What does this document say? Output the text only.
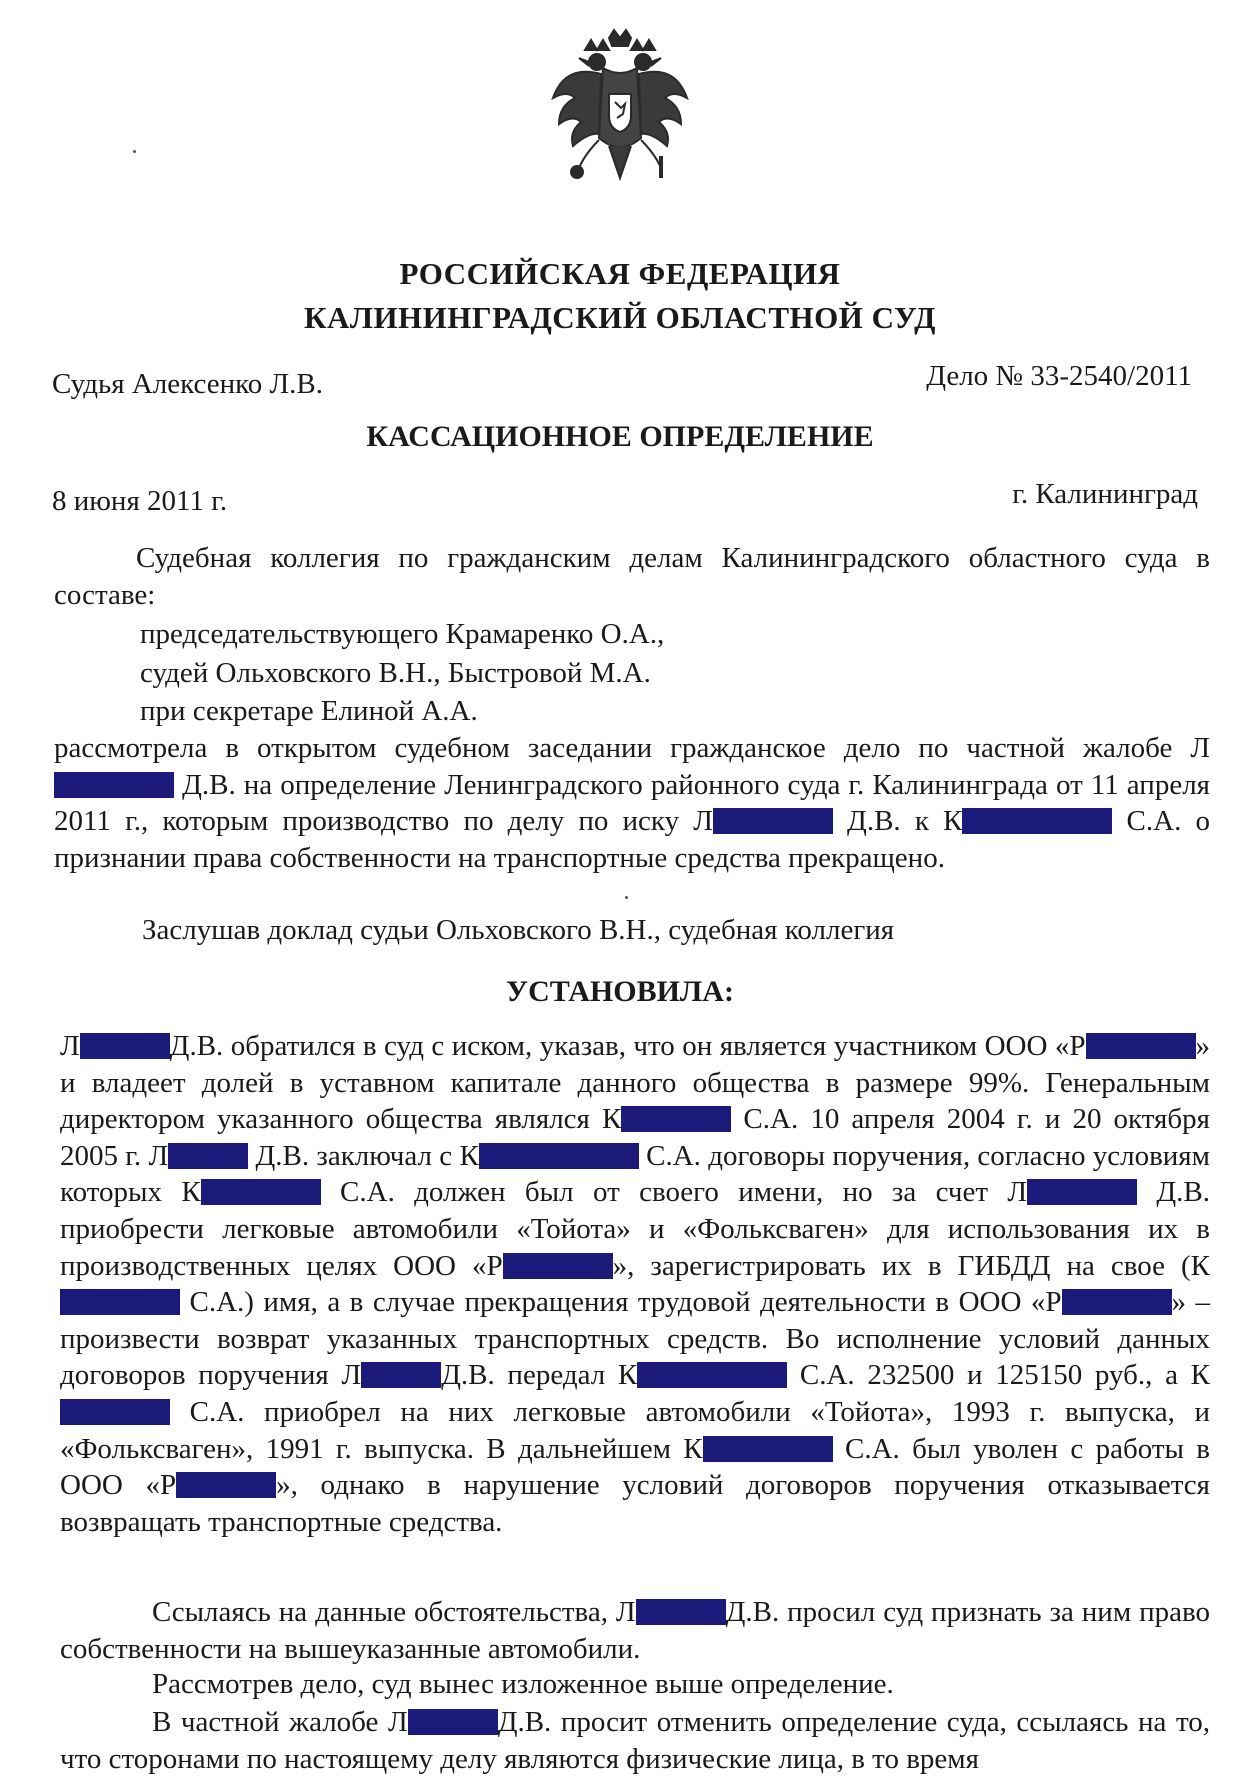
РОССИЙСКАЯ ФЕДЕРАЦИЯ
КАЛИНИНГРАДСКИЙ ОБЛАСТНОЙ СУД
Судья Алексенко Л.В.	Дело № 33-2540/2011
КАССАЦИОННОЕ ОПРЕДЕЛЕНИЕ
8 июня 2011 г.	г. Калининград
Судебная коллегия по гражданским делам Калининградского областного суда в составе:
председательствующего Крамаренко О.А.,
судей Ольховского В.Н., Быстровой М.А.
при секретаре Елиной А.А.
рассмотрела в открытом судебном заседании гражданское дело по частной жалобе Л Д.В. на определение Ленинградского районного суда г. Калининграда от 11 апреля 2011 г., которым производство по делу по иску Л	Д.В. к К	С.А. о признании права собственности на транспортные средства прекращено.
Заслушав доклад судьи Ольховского В.Н., судебная коллегия
УСТАНОВИЛА:
Л	Д.В. обратился в суд с иском, указав, что он является участником ООО «Р	» и владеет долей в уставном капитале данного общества в размере 99%. Генеральным директором указанного общества являлся К	С.А. 10 апреля 2004 г. и 20 октября 2005 г. Л	Д.В. заключал с К	С.А. договоры поручения, согласно условиям которых К	С.А. должен был от своего имени, но за счет Л	Д.В. приобрести легковые автомобили «Тойота» и «Фольксваген» для использования их в производственных целях ООО «Р	», зарегистрировать их в ГИБДД на свое (К С.А.) имя, а в случае прекращения трудовой деятельности в ООО «Р	» – произвести возврат указанных транспортных средств. Во исполнение условий данных договоров поручения Л	Д.В. передал К	С.А. 232500 и 125150 руб., а К С.А. приобрел на них легковые автомобили «Тойота», 1993 г. выпуска, и «Фольксваген», 1991 г. выпуска. В дальнейшем К	С.А. был уволен с работы в ООО «Р	», однако в нарушение условий договоров поручения отказывается возвращать транспортные средства.
Ссылаясь на данные обстоятельства, Л	Д.В. просил суд признать за ним право собственности на вышеуказанные автомобили.
Рассмотрев дело, суд вынес изложенное выше определение.
В частной жалобе Л	Д.В. просит отменить определение суда, ссылаясь на то, что сторонами по настоящему делу являются физические лица, в то время
